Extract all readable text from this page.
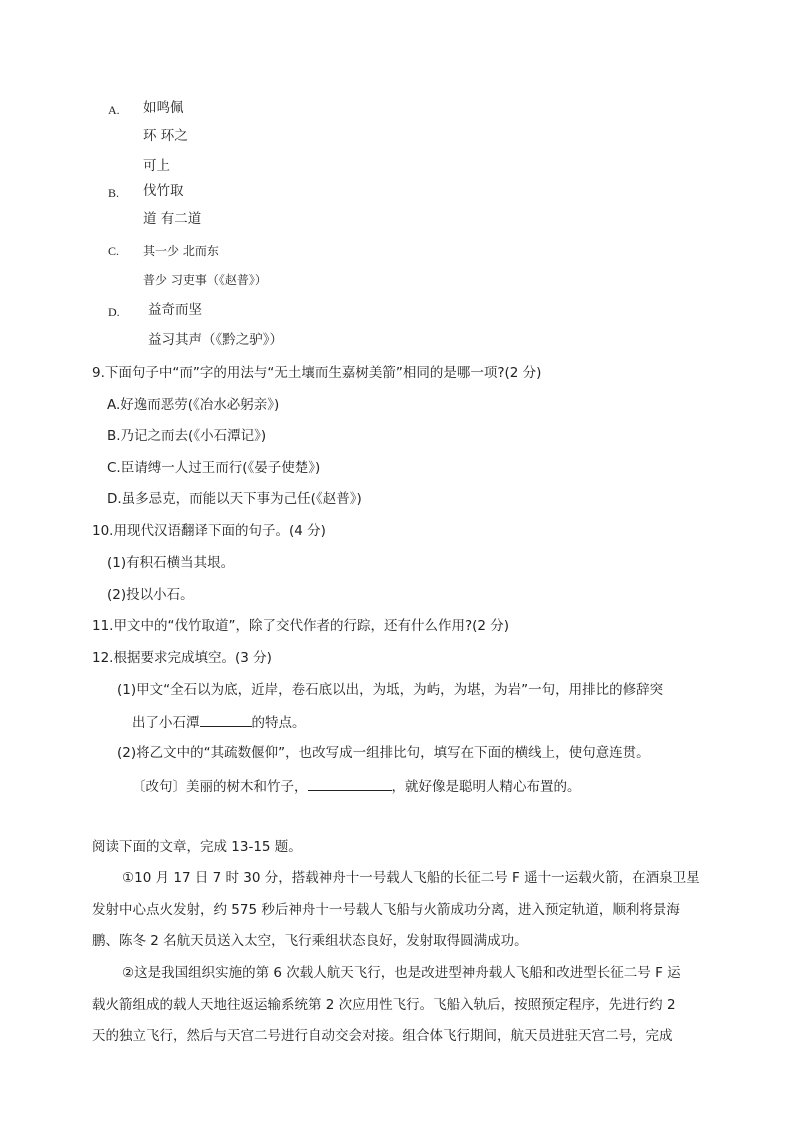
A. 如鸣佩
环 环之
可上
B. 伐竹取
道 有二道
C. 其一少 北而东
普少 习吏事（《赵普》）
D. 益奇而坚
益习其声（《黔之驴》）
9.下面句子中“而”字的用法与“无土壤而生嘉树美箭”相同的是哪一项?(2 分)
A.好逸而恶劳(《冶水必躬亲》)
B.乃记之而去(《小石潭记》)
C.臣请缚一人过王而行(《晏子使楚》)
D.虽多忌克，而能以天下事为己任(《赵普》)
10.用现代汉语翻译下面的句子。(4 分)
(1)有积石横当其垠。
(2)投以小石。
11.甲文中的“伐竹取道”，除了交代作者的行踪，还有什么作用?(2 分)
12.根据要求完成填空。(3 分)
(1)甲文“全石以为底，近岸，卷石底以出，为坻，为屿，为堪，为岩”一句，用排比的修辞突
出了小石潭	的特点。
(2)将乙文中的“其疏数偃仰”，也改写成一组排比句，填写在下面的横线上，使句意连贯。
〔改句〕美丽的树木和竹子，	，就好像是聪明人精心布置的。
阅读下面的文章，完成 13-15 题。
①10 月 17 日 7 时 30 分，搭载神舟十一号载人飞船的长征二号 F 遥十一运载火箭，在酒泉卫星
发射中心点火发射，约 575 秒后神舟十一号载人飞船与火箭成功分离，进入预定轨道，顺利将景海
鹏、陈冬 2 名航天员送入太空，飞行乘组状态良好，发射取得圆满成功。
②这是我国组织实施的第 6 次载人航天飞行，也是改进型神舟载人飞船和改进型长征二号 F 运
载火箭组成的载人天地往返运输系统第 2 次应用性飞行。飞船入轨后，按照预定程序，先进行约 2
天的独立飞行，然后与天宫二号进行自动交会对接。组合体飞行期间，航天员进驻天宫二号，完成
